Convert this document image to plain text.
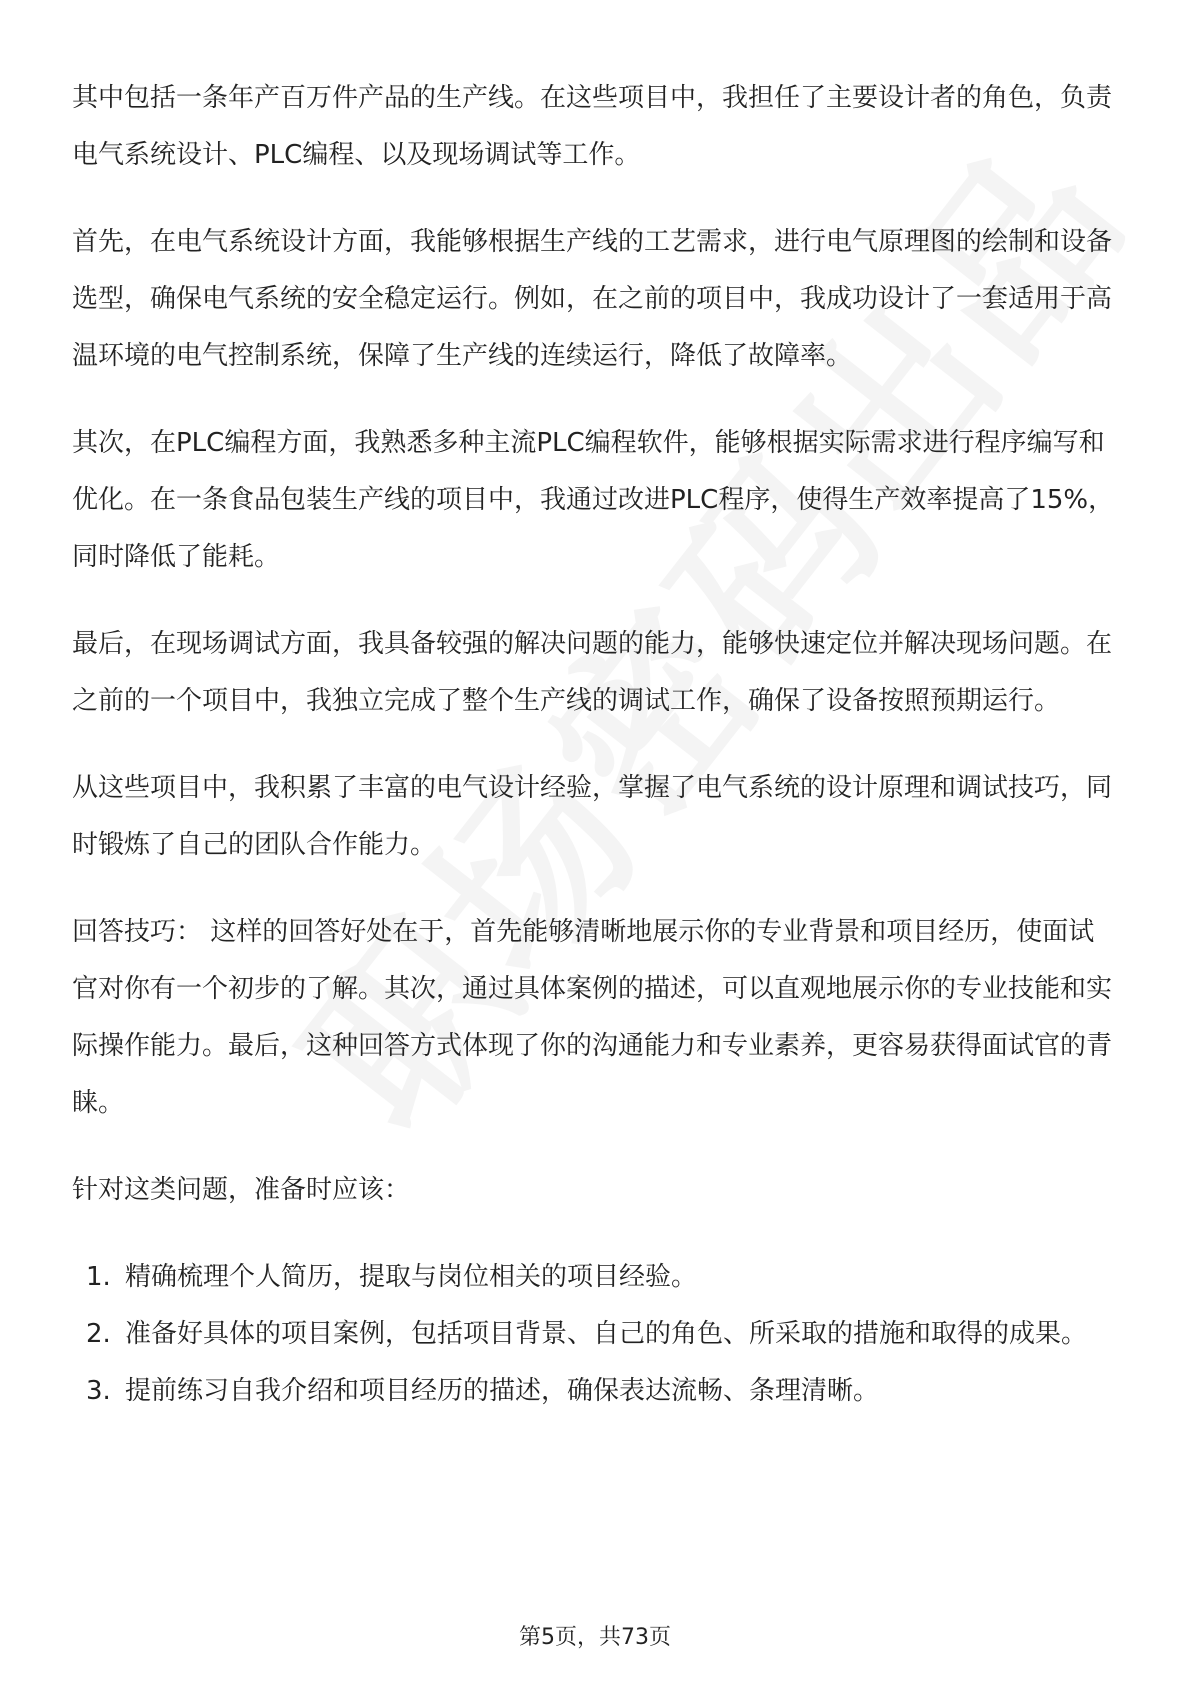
其中包括一条年产百万件产品的生产线。在这些项目中，我担任了主要设计者的角色，负责电气系统设计、PLC编程、以及现场调试等工作。

首先，在电气系统设计方面，我能够根据生产线的工艺需求，进行电气原理图的绘制和设备选型，确保电气系统的安全稳定运行。例如，在之前的项目中，我成功设计了一套适用于高温环境的电气控制系统，保障了生产线的连续运行，降低了故障率。

其次，在PLC编程方面，我熟悉多种主流PLC编程软件，能够根据实际需求进行程序编写和优化。在一条食品包装生产线的项目中，我通过改进PLC程序，使得生产效率提高了15%，同时降低了能耗。

最后，在现场调试方面，我具备较强的解决问题的能力，能够快速定位并解决现场问题。在之前的一个项目中，我独立完成了整个生产线的调试工作，确保了设备按照预期运行。

从这些项目中，我积累了丰富的电气设计经验，掌握了电气系统的设计原理和调试技巧，同时锻炼了自己的团队合作能力。

回答技巧： 这样的回答好处在于，首先能够清晰地展示你的专业背景和项目经历，使面试官对你有一个初步的了解。其次，通过具体案例的描述，可以直观地展示你的专业技能和实际操作能力。最后，这种回答方式体现了你的沟通能力和专业素养，更容易获得面试官的青睐。

针对这类问题，准备时应该：

1. 精确梳理个人简历，提取与岗位相关的项目经验。
2. 准备好具体的项目案例，包括项目背景、自己的角色、所采取的措施和取得的成果。
3. 提前练习自我介绍和项目经历的描述，确保表达流畅、条理清晰。
第5页，共73页
